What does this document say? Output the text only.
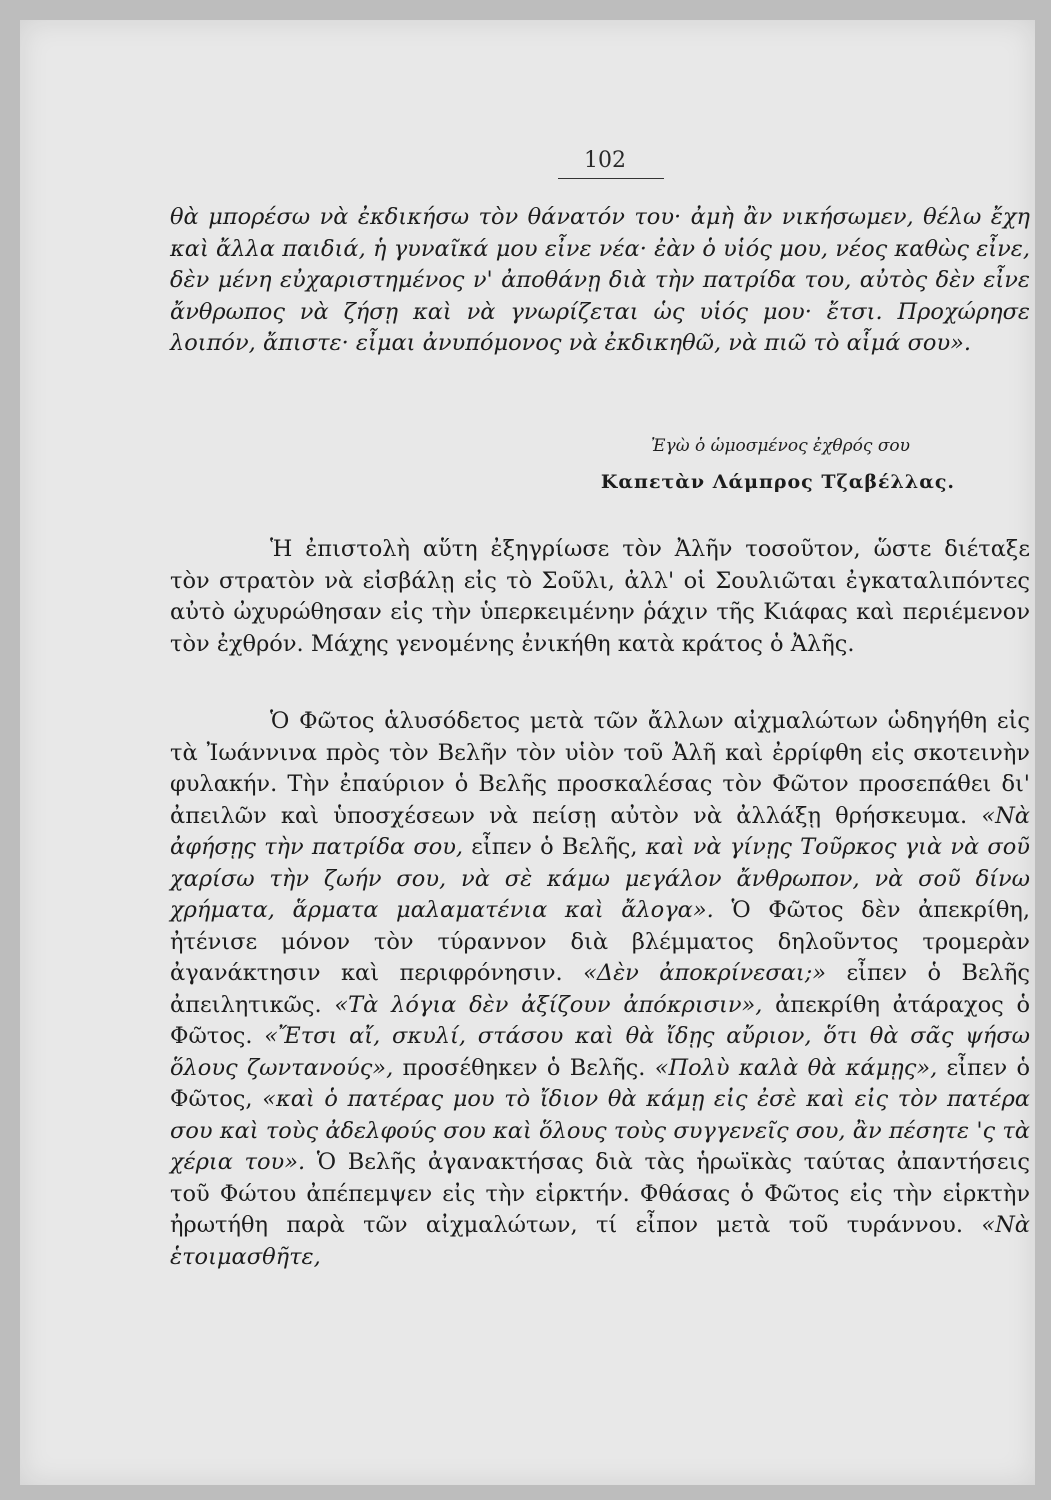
102

θὰ μπορέσω νὰ ἐκδικήσω τὸν θάνατόν του· ἀμὴ ἂν νικήσωμεν, θέλω ἔχη καὶ ἄλλα παιδιά, ἡ γυναῖκά μου εἶνε νέα· ἐὰν ὁ υἱός μου, νέος καθὼς εἶνε, δὲν μένη εὐχαριστημένος ν' ἀποθάνῃ διὰ τὴν πατρίδα του, αὐτὸς δὲν εἶνε ἄνθρωπος νὰ ζήσῃ καὶ νὰ γνωρίζεται ὡς υἱός μου· ἔτσι. Προχώρησε λοιπόν, ἄπιστε· εἶμαι ἀνυπόμονος νὰ ἐκδικηθῶ, νὰ πιῶ τὸ αἷμά σου».

Ἐγὼ ὁ ὡμοσμένος ἐχθρός σου
Καπετὰν Λάμπρος Τζαβέλλας.

Ἡ ἐπιστολὴ αὕτη ἐξηγρίωσε τὸν Ἀλῆν τοσοῦτον, ὥστε διέταξε τὸν στρατὸν νὰ εἰσβάλῃ εἰς τὸ Σοῦλι, ἀλλ' οἱ Σουλιῶται ἐγκαταλιπόντες αὐτὸ ὠχυρώθησαν εἰς τὴν ὑπερκειμένην ῥάχιν τῆς Κιάφας καὶ περιέμενον τὸν ἐχθρόν. Μάχης γενομένης ἐνικήθη κατὰ κράτος ὁ Ἀλῆς.

Ὁ Φῶτος ἁλυσόδετος μετὰ τῶν ἄλλων αἰχμαλώτων ὡδηγήθη εἰς τὰ Ἰωάννινα πρὸς τὸν Βελῆν τὸν υἱὸν τοῦ Ἀλῆ καὶ ἐρρίφθη εἰς σκοτεινὴν φυλακήν. Τὴν ἐπαύριον ὁ Βελῆς προσκαλέσας τὸν Φῶτον προσεπάθει δι' ἀπειλῶν καὶ ὑποσχέσεων νὰ πείσῃ αὐτὸν νὰ ἀλλάξῃ θρήσκευμα. «Νὰ ἀφήσῃς τὴν πατρίδα σου, εἶπεν ὁ Βελῆς, καὶ νὰ γίνῃς Τοῦρκος γιὰ νὰ σοῦ χαρίσω τὴν ζωήν σου, νὰ σὲ κάμω μεγάλον ἄνθρωπον, νὰ σοῦ δίνω χρήματα, ἅρματα μαλαματένια καὶ ἄλογα». Ὁ Φῶτος δὲν ἀπεκρίθη, ἠτένισε μόνον τὸν τύραννον διὰ βλέμματος δηλοῦντος τρομερὰν ἀγανάκτησιν καὶ περιφρόνησιν. «Δὲν ἀποκρίνεσαι;» εἶπεν ὁ Βελῆς ἀπειλητικῶς. «Τὰ λόγια δὲν ἀξίζουν ἀπόκρισιν», ἀπεκρίθη ἀτάραχος ὁ Φῶτος. «Ἔτσι αἴ, σκυλί, στάσου καὶ θὰ ἴδῃς αὔριον, ὅτι θὰ σᾶς ψήσω ὅλους ζωντανούς», προσέθηκεν ὁ Βελῆς. «Πολὺ καλὰ θὰ κάμῃς», εἶπεν ὁ Φῶτος, «καὶ ὁ πατέρας μου τὸ ἴδιον θὰ κάμῃ εἰς ἐσὲ καὶ εἰς τὸν πατέρα σου καὶ τοὺς ἀδελφούς σου καὶ ὅλους τοὺς συγγενεῖς σου, ἂν πέσητε 'ς τὰ χέρια του». Ὁ Βελῆς ἀγανακτήσας διὰ τὰς ἡρωϊκὰς ταύτας ἀπαντήσεις τοῦ Φώτου ἀπέπεμψεν εἰς τὴν εἱρκτήν. Φθάσας ὁ Φῶτος εἰς τὴν εἱρκτὴν ἠρωτήθη παρὰ τῶν αἰχμαλώτων, τί εἶπον μετὰ τοῦ τυράννου. «Νὰ ἑτοιμασθῆτε,
